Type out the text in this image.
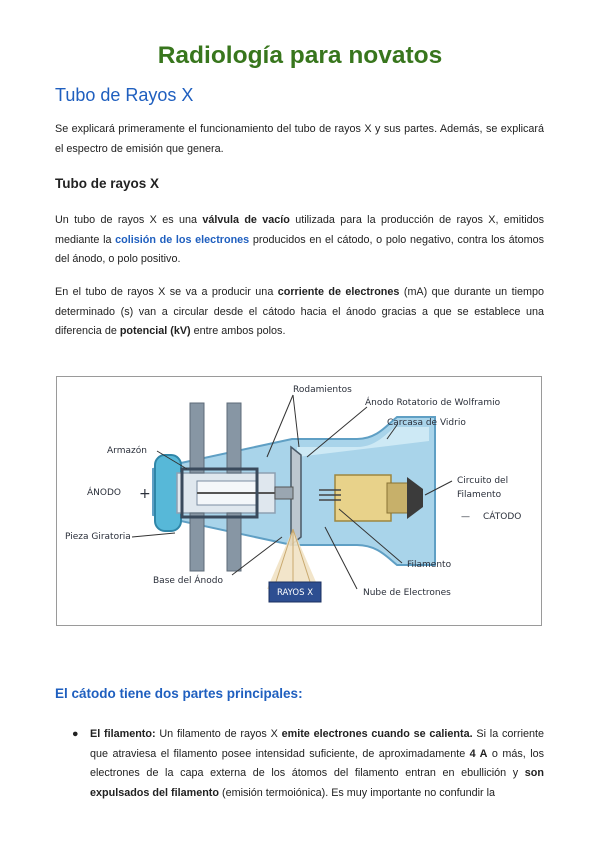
Radiología para novatos
Tubo de Rayos X

Se explicará primeramente el funcionamiento del tubo de rayos X y sus partes. Además, se explicará el espectro de emisión que genera.

Tubo de rayos X

Un tubo de rayos X es una válvula de vacío utilizada para la producción de rayos X, emitidos mediante la colisión de los electrones producidos en el cátodo, o polo negativo, contra los átomos del ánodo, o polo positivo.

En el tubo de rayos X se va a producir una corriente de electrones (mA) que durante un tiempo determinado (s) van a circular desde el cátodo hacia el ánodo gracias a que se establece una diferencia de potencial (kV) entre ambos polos.

RAYOS X
Rodamientos
Ánodo Rotatorio de Wolframio
Carcasa de Vidrio
Armazón
ÁNODO +
Circuito del
Filamento
— CÁTODO
Pieza Giratoria
Filamento
Base del Ánodo
Nube de Electrones
El cátodo tiene dos partes principales:
● El filamento: Un filamento de rayos X emite electrones cuando se calienta. Si la corriente que atraviesa el filamento posee intensidad suficiente, de aproximadamente 4 A o más, los electrones de la capa externa de los átomos del filamento entran en ebullición y son expulsados del filamento (emisión termoiónica). Es muy importante no confundir la
